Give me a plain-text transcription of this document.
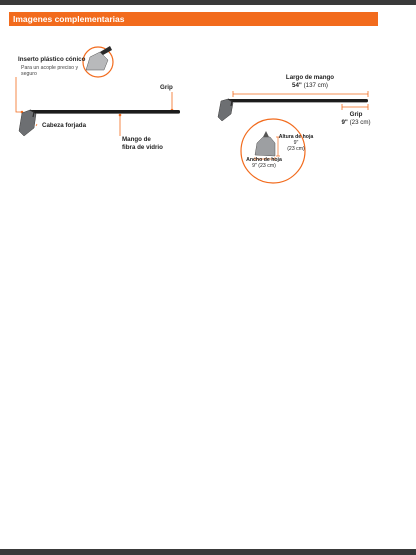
Imagenes complementarias
Inserto plástico cónico
Para un acople preciso y seguro
Grip
Cabeza forjada
Mango de
fibra de vidrio
Largo de mango
54" (137 cm)
Grip
9" (23 cm)
Altura de hoja
9"
(23 cm)
Ancho de hoja
9" (23 cm)
